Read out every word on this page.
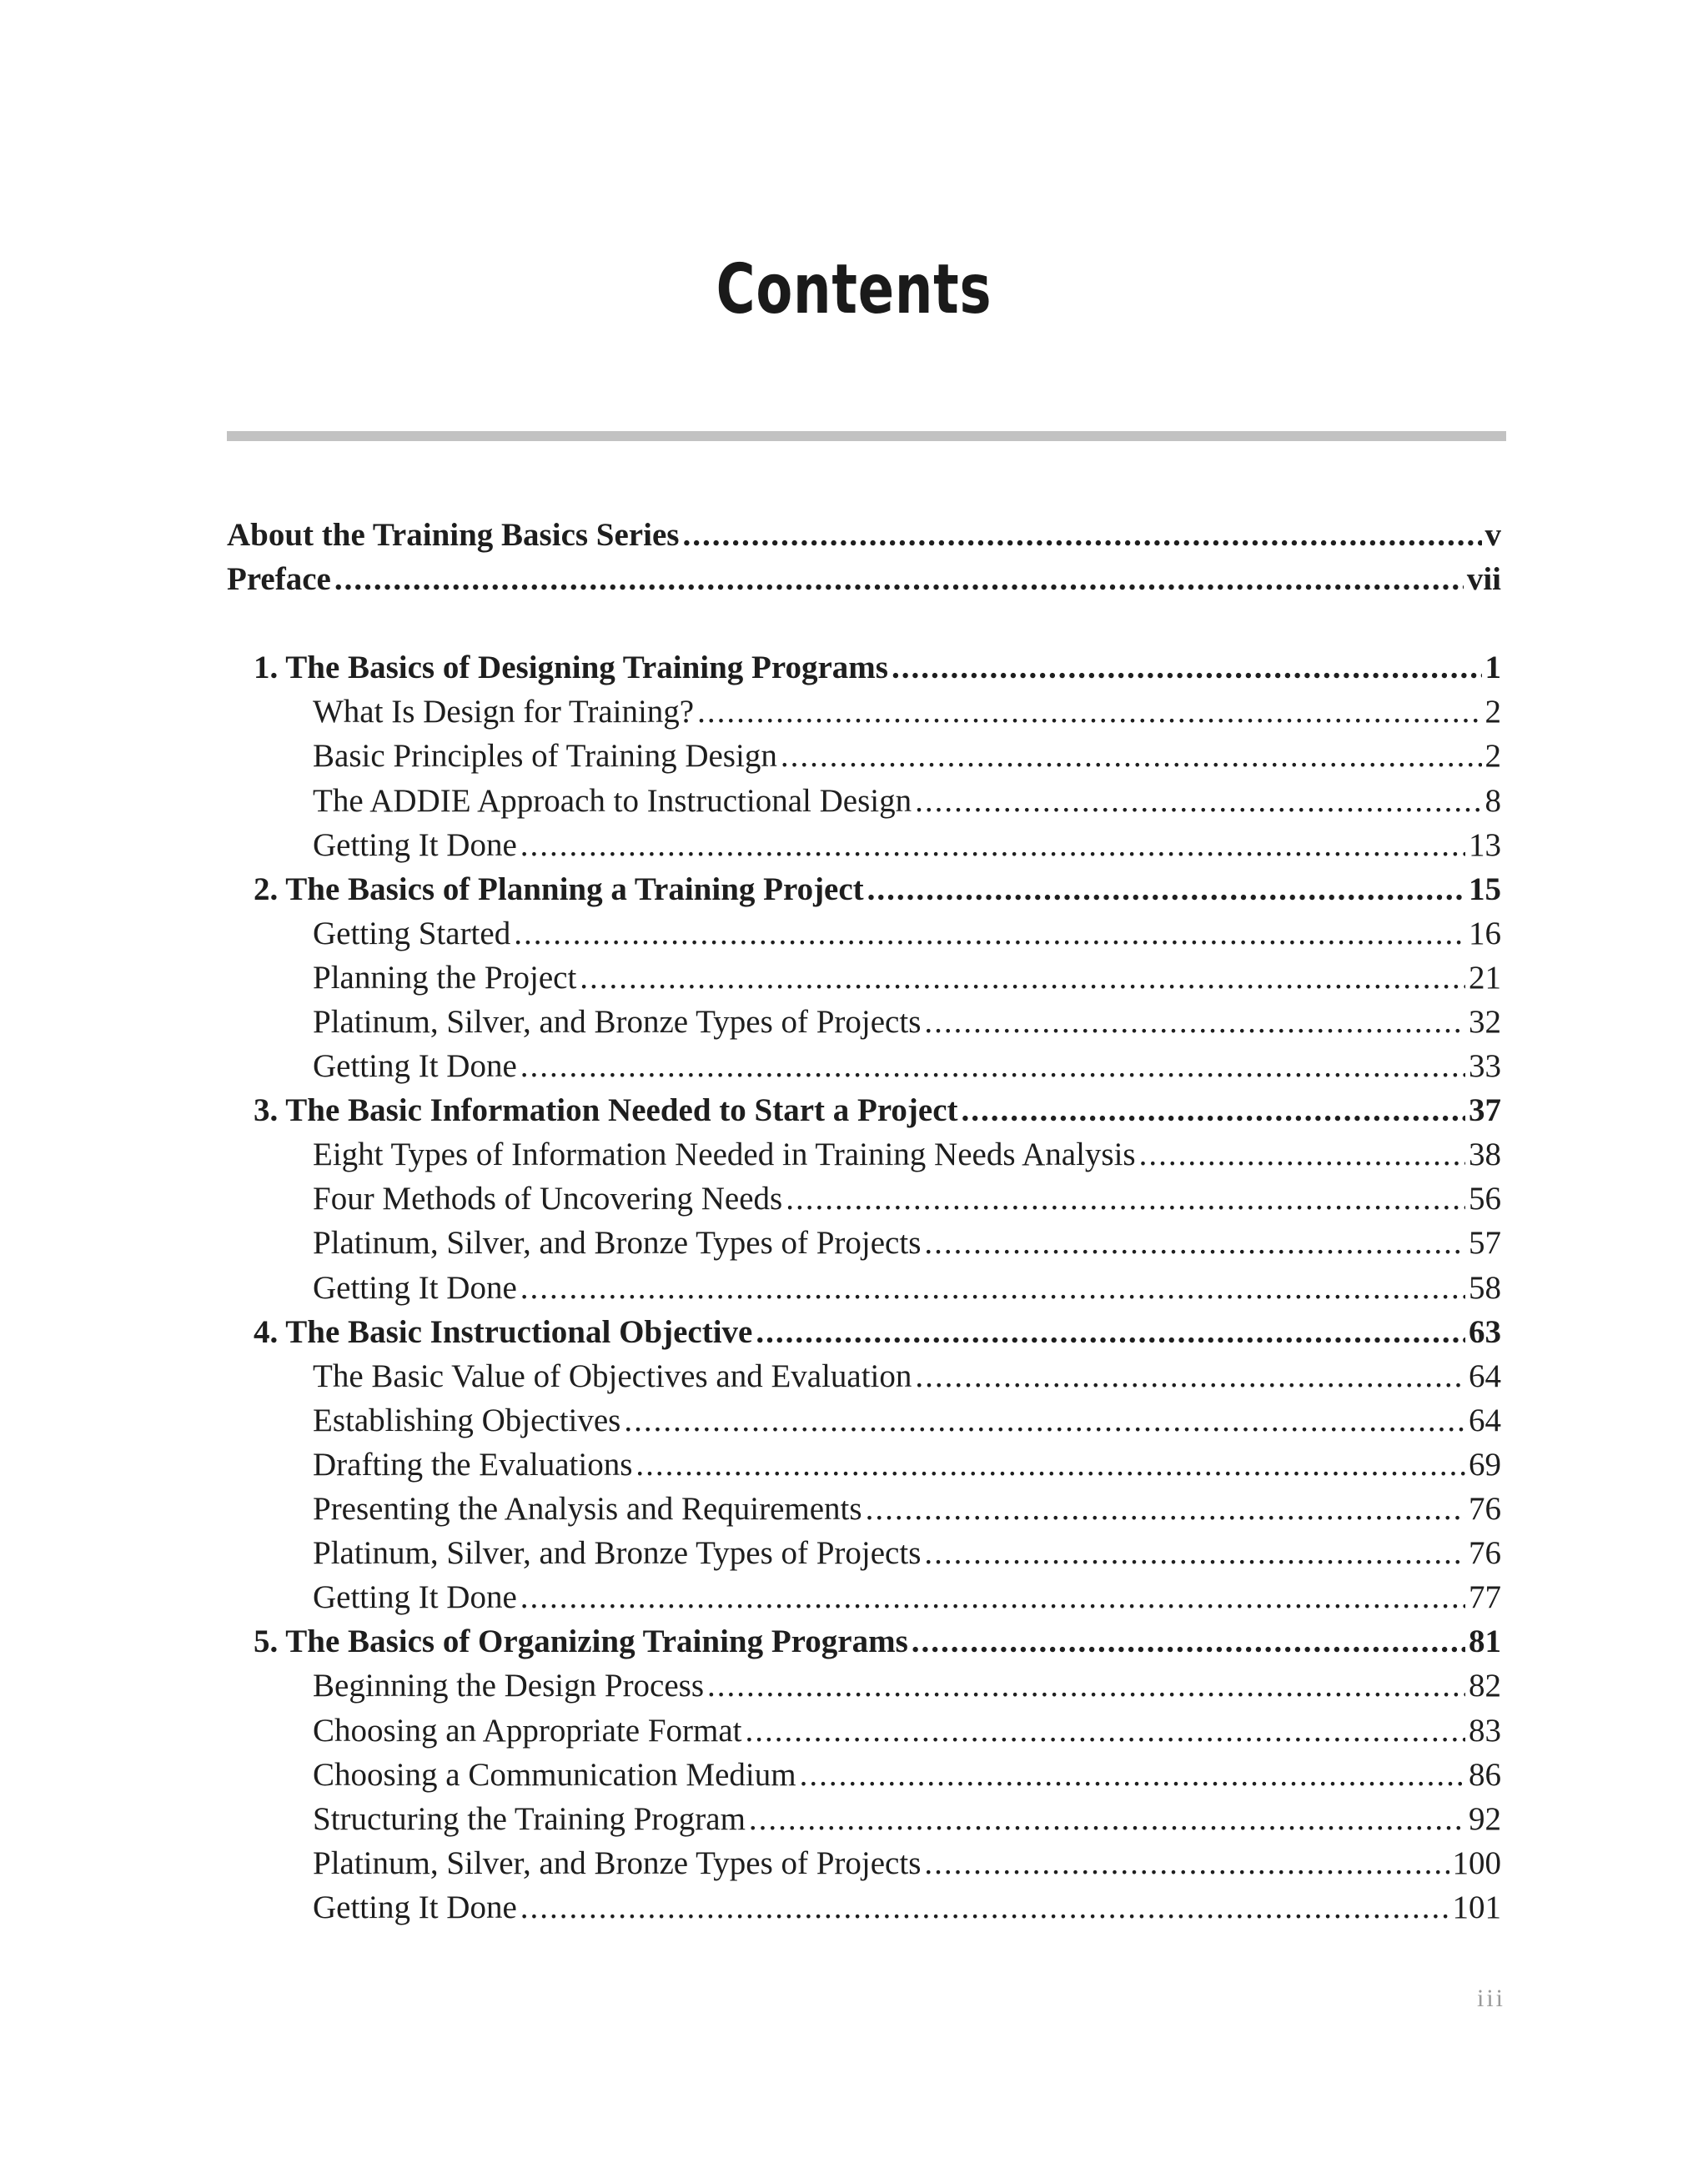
Contents
About the Training Basics Series .....	v
Preface .....	vii
1. The Basics of Designing Training Programs .....	1
What Is Design for Training? .....	2
Basic Principles of Training Design .....	2
The ADDIE Approach to Instructional Design .....	8
Getting It Done .....	13
2. The Basics of Planning a Training Project .....	15
Getting Started .....	16
Planning the Project .....	21
Platinum, Silver, and Bronze Types of Projects .....	32
Getting It Done .....	33
3. The Basic Information Needed to Start a Project .....	37
Eight Types of Information Needed in Training Needs Analysis .....	38
Four Methods of Uncovering Needs .....	56
Platinum, Silver, and Bronze Types of Projects .....	57
Getting It Done .....	58
4. The Basic Instructional Objective .....	63
The Basic Value of Objectives and Evaluation .....	64
Establishing Objectives .....	64
Drafting the Evaluations .....	69
Presenting the Analysis and Requirements .....	76
Platinum, Silver, and Bronze Types of Projects .....	76
Getting It Done .....	77
5. The Basics of Organizing Training Programs .....	81
Beginning the Design Process .....	82
Choosing an Appropriate Format .....	83
Choosing a Communication Medium .....	86
Structuring the Training Program .....	92
Platinum, Silver, and Bronze Types of Projects .....	100
Getting It Done .....	101
iii
